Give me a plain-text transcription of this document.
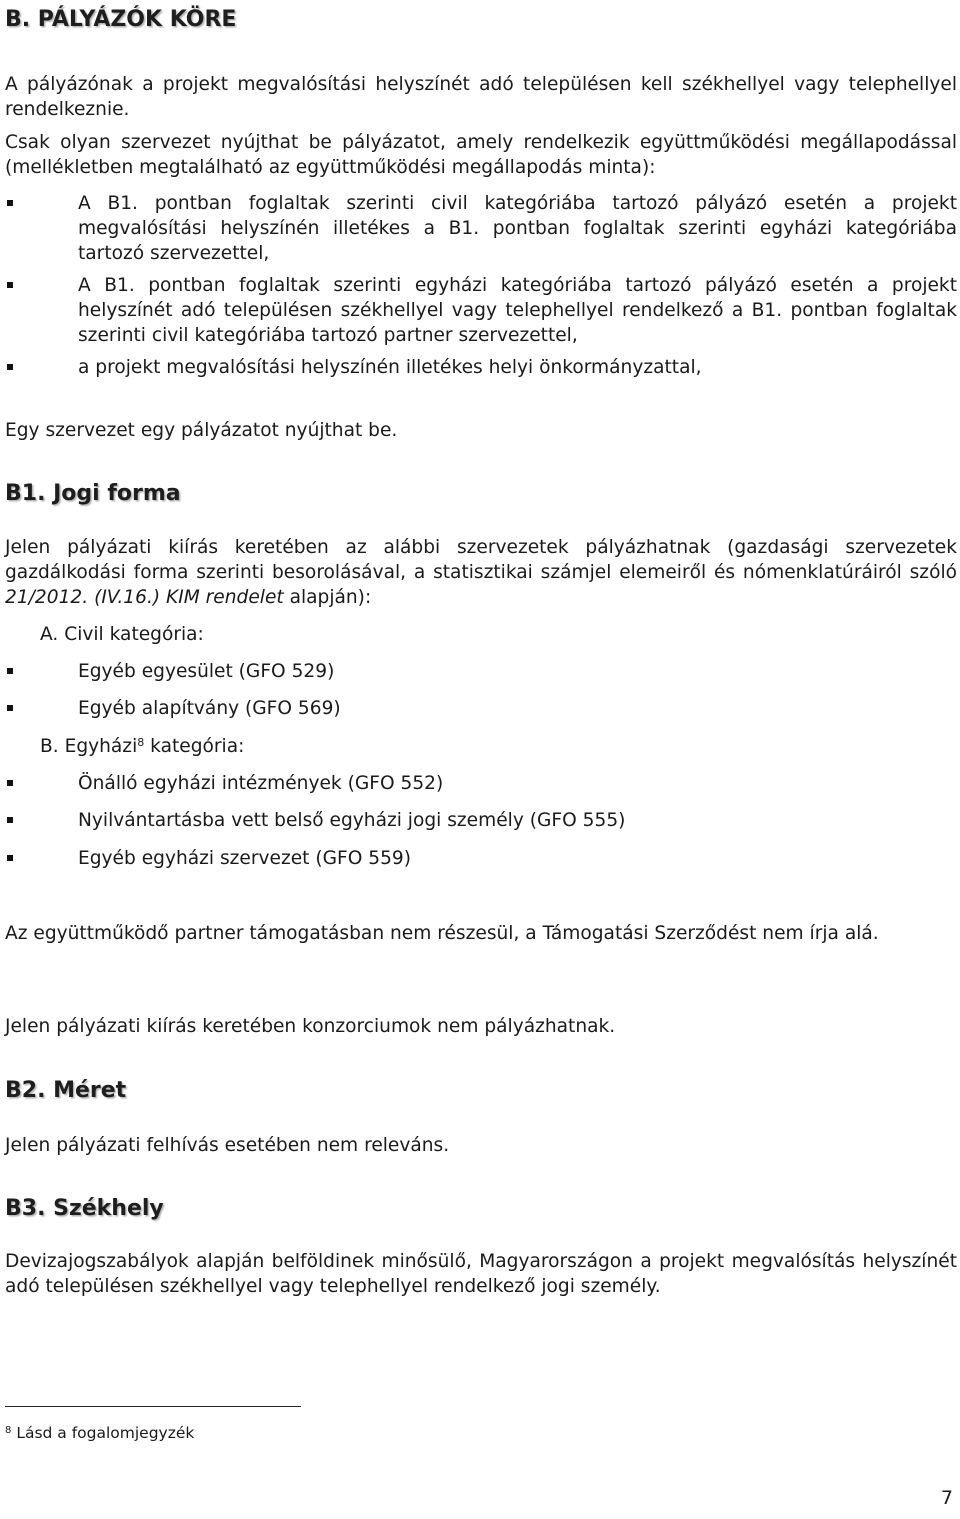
B. PÁLYÁZÓK KÖRE

A pályázónak a projekt megvalósítási helyszínét adó településen kell székhellyel vagy telephellyel rendelkeznie.

Csak olyan szervezet nyújthat be pályázatot, amely rendelkezik együttműködési megállapodással (mellékletben megtalálható az együttműködési megállapodás minta):

A B1. pontban foglaltak szerinti civil kategóriába tartozó pályázó esetén a projekt megvalósítási helyszínén illetékes a B1. pontban foglaltak szerinti egyházi kategóriába tartozó szervezettel,

A B1. pontban foglaltak szerinti egyházi kategóriába tartozó pályázó esetén a projekt helyszínét adó településen székhellyel vagy telephellyel rendelkező a B1. pontban foglaltak szerinti civil kategóriába tartozó partner szervezettel,

a projekt megvalósítási helyszínén illetékes helyi önkormányzattal,

Egy szervezet egy pályázatot nyújthat be.

B1. Jogi forma

Jelen pályázati kiírás keretében az alábbi szervezetek pályázhatnak (gazdasági szervezetek gazdálkodási forma szerinti besorolásával, a statisztikai számjel elemeiről és nómenklatúráiról szóló 21/2012. (IV.16.) KIM rendelet alapján):

A. Civil kategória:

Egyéb egyesület (GFO 529)

Egyéb alapítvány (GFO 569)

B. Egyházi$^8$ kategória:

Önálló egyházi intézmények (GFO 552)

Nyilvántartásba vett belső egyházi jogi személy (GFO 555)

Egyéb egyházi szervezet (GFO 559)

Az együttműködő partner támogatásban nem részesül, a Támogatási Szerződést nem írja alá.

Jelen pályázati kiírás keretében konzorciumok nem pályázhatnak.

B2. Méret

Jelen pályázati felhívás esetében nem releváns.

B3. Székhely

Devizajogszabályok alapján belföldinek minősülő, Magyarországon a projekt megvalósítás helyszínét adó településen székhellyel vagy telephellyel rendelkező jogi személy.

$^8$ Lásd a fogalomjegyzék

7
